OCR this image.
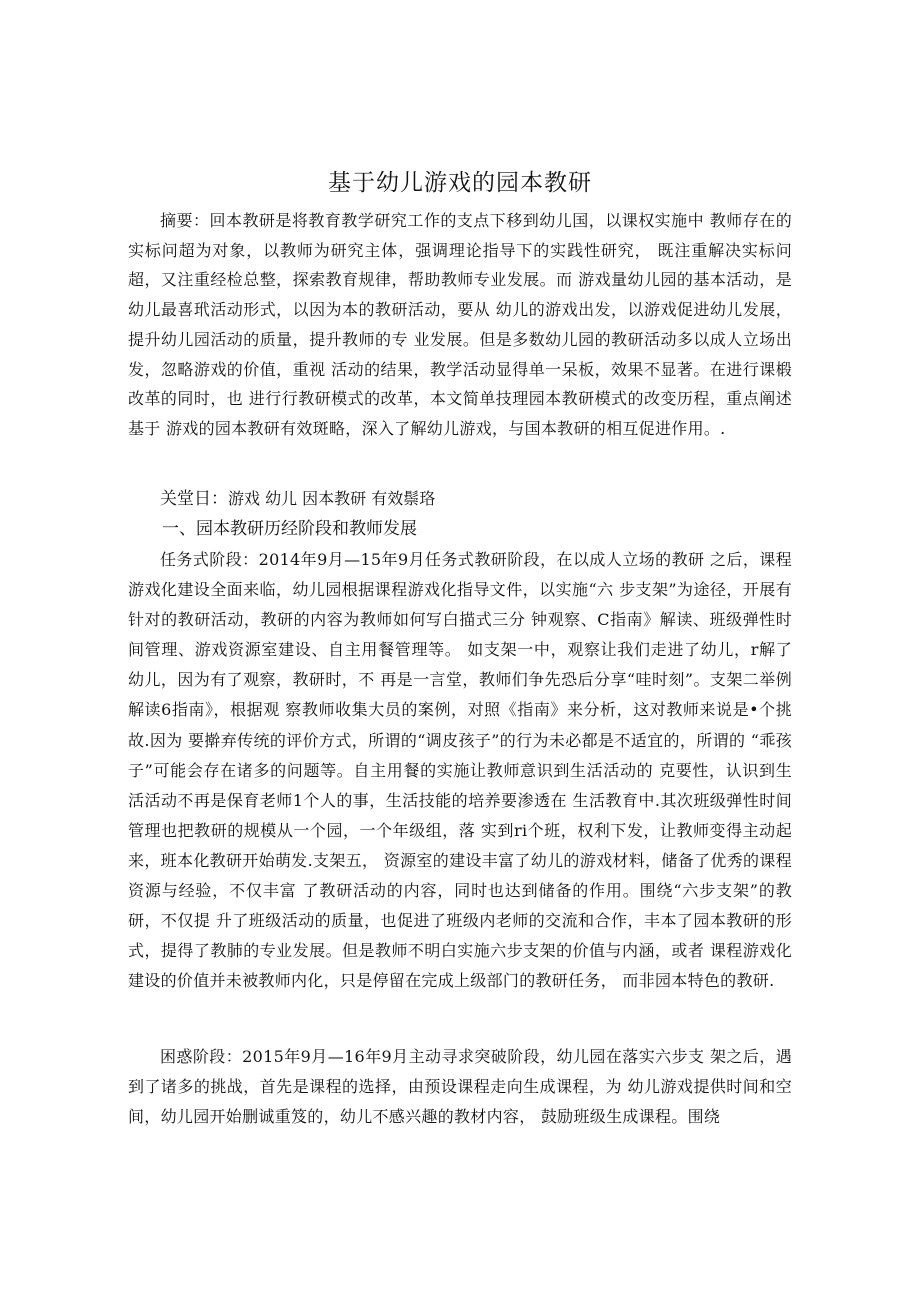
基于幼儿游戏的园本教研

摘要：回本教研是将教育教学研究工作的支点下移到幼儿国，以课权实施中 教师存在的实标问超为对象，以教师为研究主体，强调理论指导下的实践性研究， 既注重解决实标问超，又注重经检总整，探索教育规律，帮助教师专业发展。而 游戏量幼儿园的基本活动，是幼儿最喜玳活动形式，以因为本的教研活动，要从 幼儿的游戏出发，以游戏促进幼儿发展，提升幼儿园活动的质量，提升教师的专 业发展。但是多数幼儿园的教研活动多以成人立场出发，忽略游戏的价值，重视 活动的结果，教学活动显得单一呆板，效果不显著。在进行课椴改革的同时，也 进行行教研模式的改革，本文简单技理园本教研模式的改变历程，重点阐述基于 游戏的园本教研有效斑略，深入了解幼儿游戏，与国本教研的相互促进作用。.

关堂日：游戏 幼儿 因本教研 有效鬃珞

一、园本教研历经阶段和教师发展

任务式阶段：2014年9月—15年9月任务式教研阶段，在以成人立场的教研 之后，课程游戏化建设全面来临，幼儿园根据课程游戏化指导文件，以实施“六 步支架”为途径，开展有针对的教研活动，教研的内容为教师如何写白描式三分 钟观察、C指南》解读、班级弹性时间管理、游戏资源室建设、自主用餐管理等。 如支架一中，观察让我们走进了幼儿，r解了幼儿，因为有了观察，教研时，不 再是一言堂，教师们争先恐后分享“哇时刻”。支架二举例解读6指南》，根据观 察教师收集大员的案例，对照《指南》来分析，这对教师来说是•个挑故.因为 要擀弃传统的评价方式，所谓的“调皮孩子”的行为未必都是不适宜的，所谓的 “乖孩子”可能会存在诸多的问题等。自主用餐的实施让教师意识到生活活动的 克要性，认识到生活活动不再是保育老师1个人的事，生活技能的培养要渗透在 生活教育中.其次班级弹性时间管理也把教研的规模从一个园，一个年级组，落 实到ri个班，权利下发，让教师变得主动起来，班本化教研开始萌发.支架五， 资源室的建设丰富了幼儿的游戏材料，储备了优秀的课程资源与经验，不仅丰富 了教研活动的内容，同时也达到储备的作用。围绕“六步支架”的教研，不仅提 升了班级活动的质量，也促进了班级内老师的交流和合作，丰本了园本教研的形 式，提得了教肺的专业发展。但是教师不明白实施六步支架的价值与内涵，或者 课程游戏化建设的价值并未被教师内化，只是停留在完成上级部门的教研任务， 而非园本特色的教研.

困惑阶段：2015年9月—16年9月主动寻求突破阶段，幼儿园在落实六步支 架之后，遇到了诸多的挑战，首先是课程的选择，由预设课程走向生成课程，为 幼儿游戏提供时间和空间，幼儿园开始删诚重笈的，幼儿不感兴趣的教材内容， 鼓励班级生成课程。围绕
